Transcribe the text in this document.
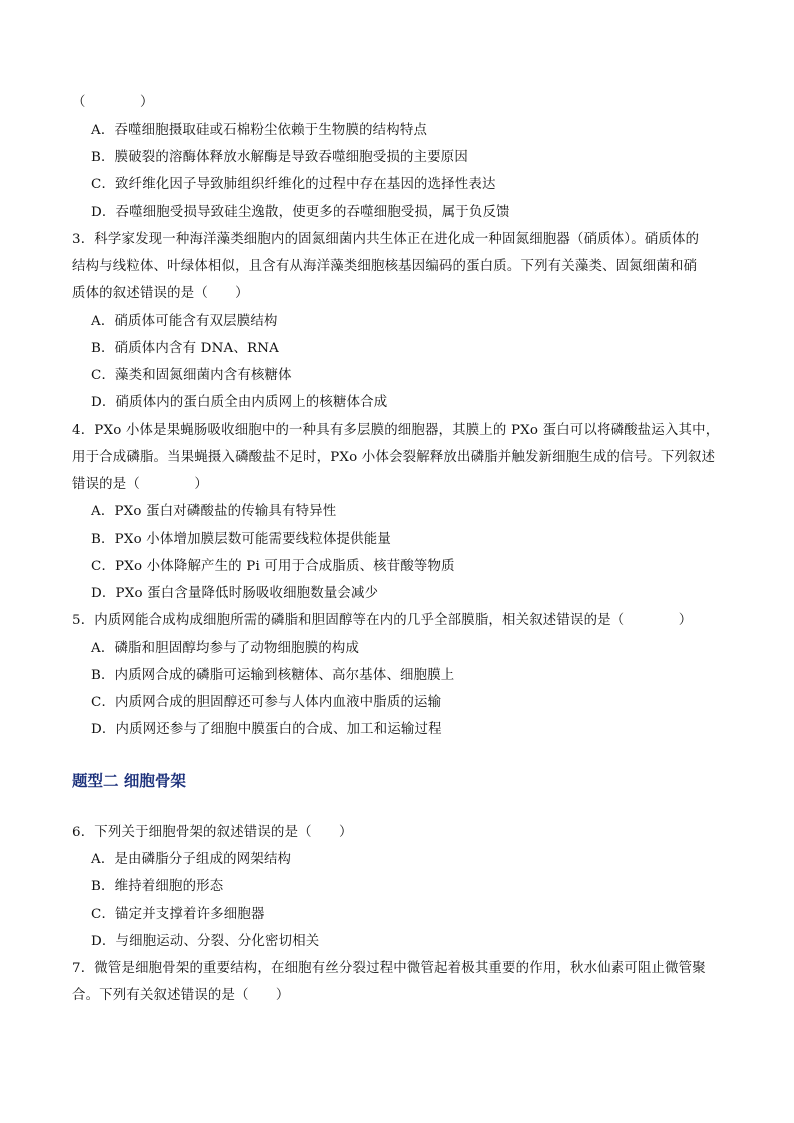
（　　　　）
A．吞噬细胞摄取硅或石棉粉尘依赖于生物膜的结构特点
B．膜破裂的溶酶体释放水解酶是导致吞噬细胞受损的主要原因
C．致纤维化因子导致肺组织纤维化的过程中存在基因的选择性表达
D．吞噬细胞受损导致硅尘逸散，使更多的吞噬细胞受损，属于负反馈
3．科学家发现一种海洋藻类细胞内的固氮细菌内共生体正在进化成一种固氮细胞器（硝质体）。硝质体的
结构与线粒体、叶绿体相似，且含有从海洋藻类细胞核基因编码的蛋白质。下列有关藻类、固氮细菌和硝
质体的叙述错误的是（　　）
A．硝质体可能含有双层膜结构
B．硝质体内含有 DNA、RNA
C．藻类和固氮细菌内含有核糖体
D．硝质体内的蛋白质全由内质网上的核糖体合成
4．PXo 小体是果蝇肠吸收细胞中的一种具有多层膜的细胞器，其膜上的 PXo 蛋白可以将磷酸盐运入其中，
用于合成磷脂。当果蝇摄入磷酸盐不足时，PXo 小体会裂解释放出磷脂并触发新细胞生成的信号。下列叙述
错误的是（　　　　）
A．PXo 蛋白对磷酸盐的传输具有特异性
B．PXo 小体增加膜层数可能需要线粒体提供能量
C．PXo 小体降解产生的 Pi 可用于合成脂质、核苷酸等物质
D．PXo 蛋白含量降低时肠吸收细胞数量会减少
5．内质网能合成构成细胞所需的磷脂和胆固醇等在内的几乎全部膜脂，相关叙述错误的是（　　　　）
A．磷脂和胆固醇均参与了动物细胞膜的构成
B．内质网合成的磷脂可运输到核糖体、高尔基体、细胞膜上
C．内质网合成的胆固醇还可参与人体内血液中脂质的运输
D．内质网还参与了细胞中膜蛋白的合成、加工和运输过程
题型二 细胞骨架
6．下列关于细胞骨架的叙述错误的是（　　）
A．是由磷脂分子组成的网架结构
B．维持着细胞的形态
C．锚定并支撑着许多细胞器
D．与细胞运动、分裂、分化密切相关
7．微管是细胞骨架的重要结构，在细胞有丝分裂过程中微管起着极其重要的作用，秋水仙素可阻止微管聚
合。下列有关叙述错误的是（　　）
